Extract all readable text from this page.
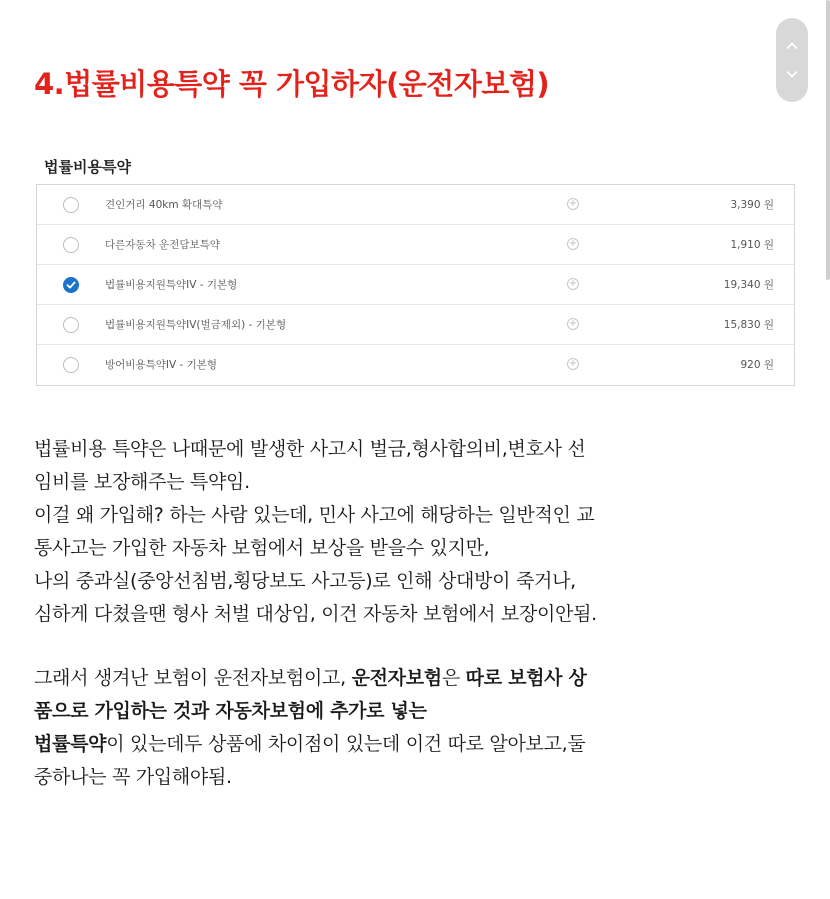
4.법률비용특약 꼭 가입하자(운전자보험)
법률비용특약
견인거리 40km 확대특약	+	3,390 원
다른자동차 운전담보특약	+	1,910 원
법률비용지원특약IV - 기본형	+	19,340 원
법률비용지원특약IV(벌금제외) - 기본형	+	15,830 원
방어비용특약IV - 기본형	+	920 원

법률비용 특약은 나때문에 발생한 사고시 벌금,형사합의비,변호사 선
임비를 보장해주는 특약임.
이걸 왜 가입해? 하는 사람 있는데, 민사 사고에 해당하는 일반적인 교
통사고는 가입한 자동차 보험에서 보상을 받을수 있지만,
나의 중과실(중앙선침범,횡당보도 사고등)로 인해 상대방이 죽거나,
심하게 다쳤을땐 형사 처벌 대상임, 이건 자동차 보험에서 보장이안됨.

그래서 생겨난 보험이 운전자보험이고, 운전자보험은 따로 보험사 상
품으로 가입하는 것과 자동차보험에 추가로 넣는
법률특약이 있는데두 상품에 차이점이 있는데 이건 따로 알아보고,둘
중하나는 꼭 가입해야됨.
